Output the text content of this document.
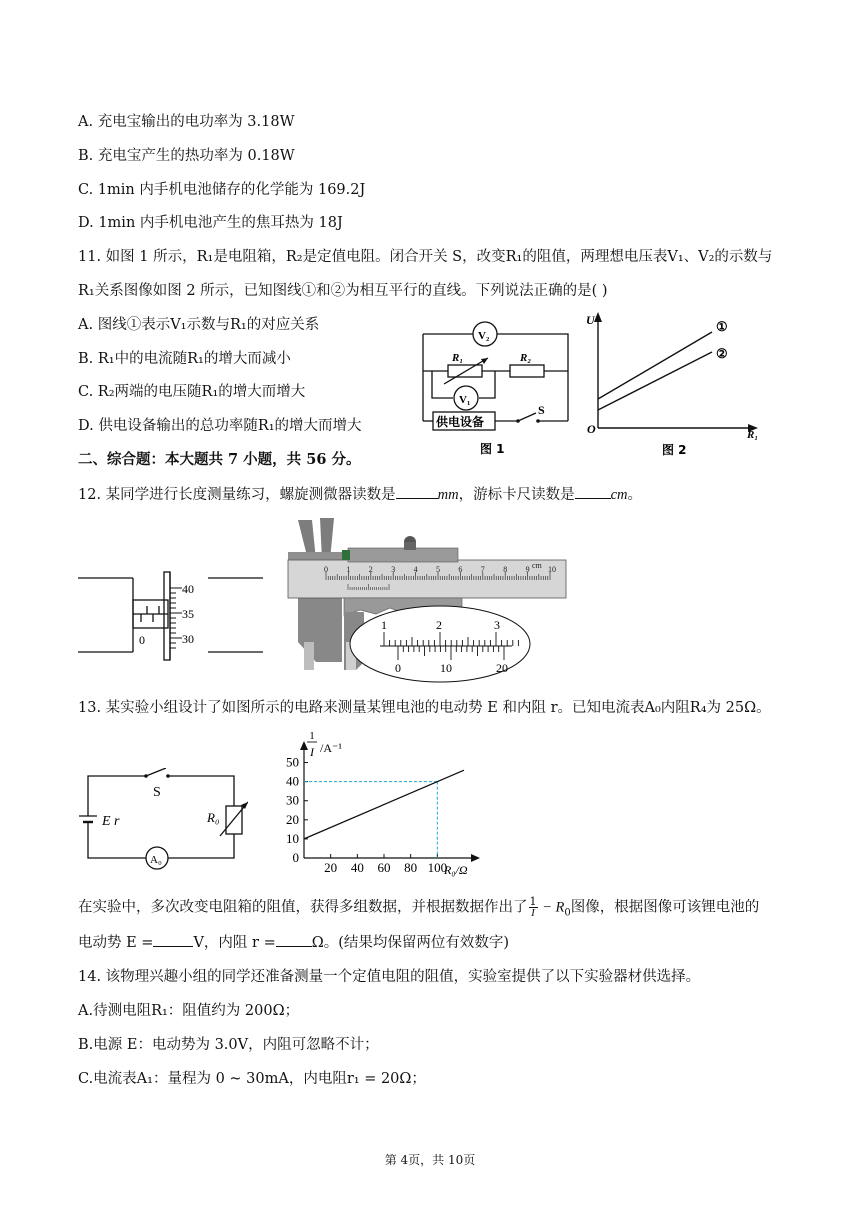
A. 充电宝输出的电功率为 3.18W
B. 充电宝产生的热功率为 0.18W
C. 1min 内手机电池储存的化学能为 169.2J
D. 1min 内手机电池产生的焦耳热为 18J
11. 如图 1 所示，R₁是电阻箱，R₂是定值电阻。闭合开关 S，改变R₁的阻值，两理想电压表V₁、V₂的示数与
R₁关系图像如图 2 所示，已知图线①和②为相互平行的直线。下列说法正确的是( )
A. 图线①表示V₁示数与R₁的对应关系
B. R₁中的电流随R₁的增大而减小
C. R₂两端的电压随R₁的增大而增大
D. 供电设备输出的总功率随R₁的增大而增大
V₂
V₁
R₁	R₂
供电设备
S
图 1
U
O	R₁
①
②
图 2
二、综合题：本大题共 7 小题，共 56 分。
12. 某同学进行长度测量练习，螺旋测微器读数是	mm，游标卡尺读数是 cm。
40
35
30
0
0 1 2 3 4 5 6 7 8 9 10
cm
1	2	3
0	10	20
13. 某实验小组设计了如图所示的电路来测量某锂电池的电动势 E 和内阻 r。已知电流表A₀内阻R₄为 25Ω。
E r
S
R₀
A₀
1
I /A⁻¹
0
10
20
30
40
50
20 40 60 80 100
R₀/Ω
在实验中，多次改变电阻箱的阻值，获得多组数据，并根据数据作出了 $\frac{1}{I} - R_0$图像，根据图像可该锂电池的
电动势 E =	V，内阻 r = Ω。(结果均保留两位有效数字)
14. 该物理兴趣小组的同学还准备测量一个定值电阻的阻值，实验室提供了以下实验器材供选择。
A.待测电阻R₁：阻值约为 200Ω；
B.电源 E：电动势为 3.0V，内阻可忽略不计；
C.电流表A₁：量程为 0 ~ 30mA，内电阻r₁ = 20Ω；
第 4页，共 10页
